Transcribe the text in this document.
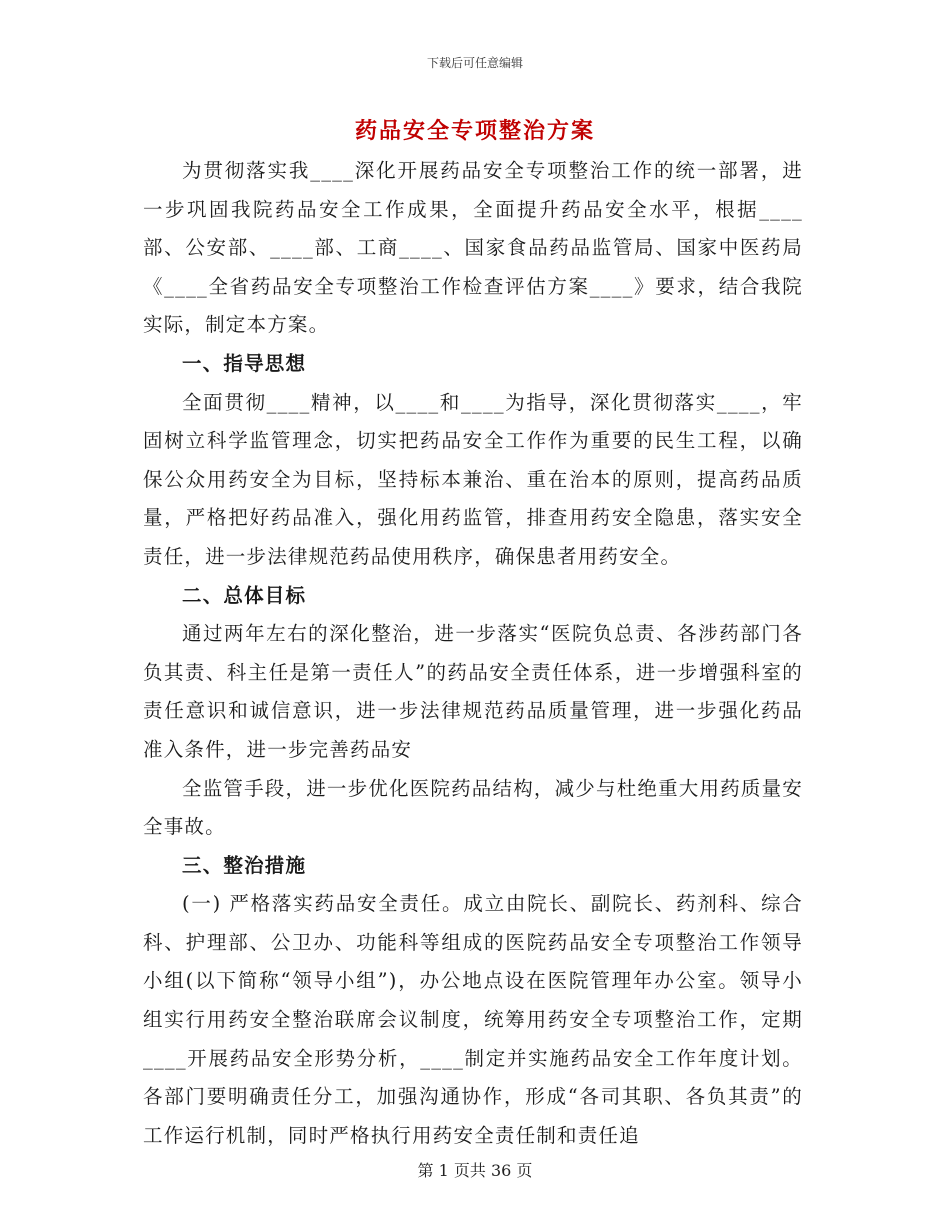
下载后可任意编辑
药品安全专项整治方案

为贯彻落实我____深化开展药品安全专项整治工作的统一部署，进一步巩固我院药品安全工作成果，全面提升药品安全水平，根据____部、公安部、____部、工商____、国家食品药品监管局、国家中医药局《____全省药品安全专项整治工作检查评估方案____》要求，结合我院实际，制定本方案。

一、指导思想

全面贯彻____精神，以____和____为指导，深化贯彻落实____，牢固树立科学监管理念，切实把药品安全工作作为重要的民生工程，以确保公众用药安全为目标，坚持标本兼治、重在治本的原则，提高药品质量，严格把好药品准入，强化用药监管，排查用药安全隐患，落实安全责任，进一步法律规范药品使用秩序，确保患者用药安全。

二、总体目标

通过两年左右的深化整治，进一步落实“医院负总责、各涉药部门各负其责、科主任是第一责任人”的药品安全责任体系，进一步增强科室的责任意识和诚信意识，进一步法律规范药品质量管理，进一步强化药品准入条件，进一步完善药品安

全监管手段，进一步优化医院药品结构，减少与杜绝重大用药质量安全事故。

三、整治措施

(一) 严格落实药品安全责任。成立由院长、副院长、药剂科、综合科、护理部、公卫办、功能科等组成的医院药品安全专项整治工作领导小组(以下简称“领导小组”)，办公地点设在医院管理年办公室。领导小组实行用药安全整治联席会议制度，统筹用药安全专项整治工作，定期____开展药品安全形势分析，____制定并实施药品安全工作年度计划。各部门要明确责任分工，加强沟通协作，形成“各司其职、各负其责”的工作运行机制，同时严格执行用药安全责任制和责任追

第 1 页共 36 页
